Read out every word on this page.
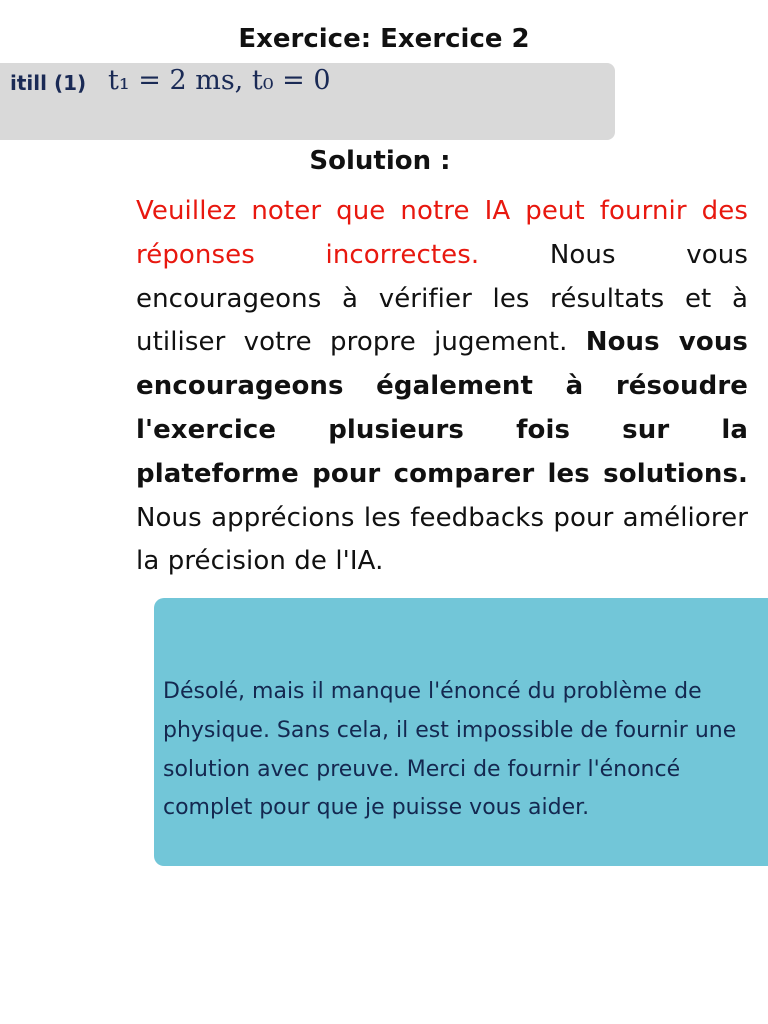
Exercice: Exercice 2
itill (1) t₁ = 2 ms, t₀ = 0
Solution :

Veuillez noter que notre IA peut fournir des réponses incorrectes. Nous vous encourageons à vérifier les résultats et à utiliser votre propre jugement. Nous vous encourageons également à résoudre l'exercice plusieurs fois sur la plateforme pour comparer les solutions. Nous apprécions les feedbacks pour améliorer la précision de l'IA.

Désolé, mais il manque l'énoncé du problème de physique. Sans cela, il est impossible de fournir une solution avec preuve. Merci de fournir l'énoncé complet pour que je puisse vous aider.
